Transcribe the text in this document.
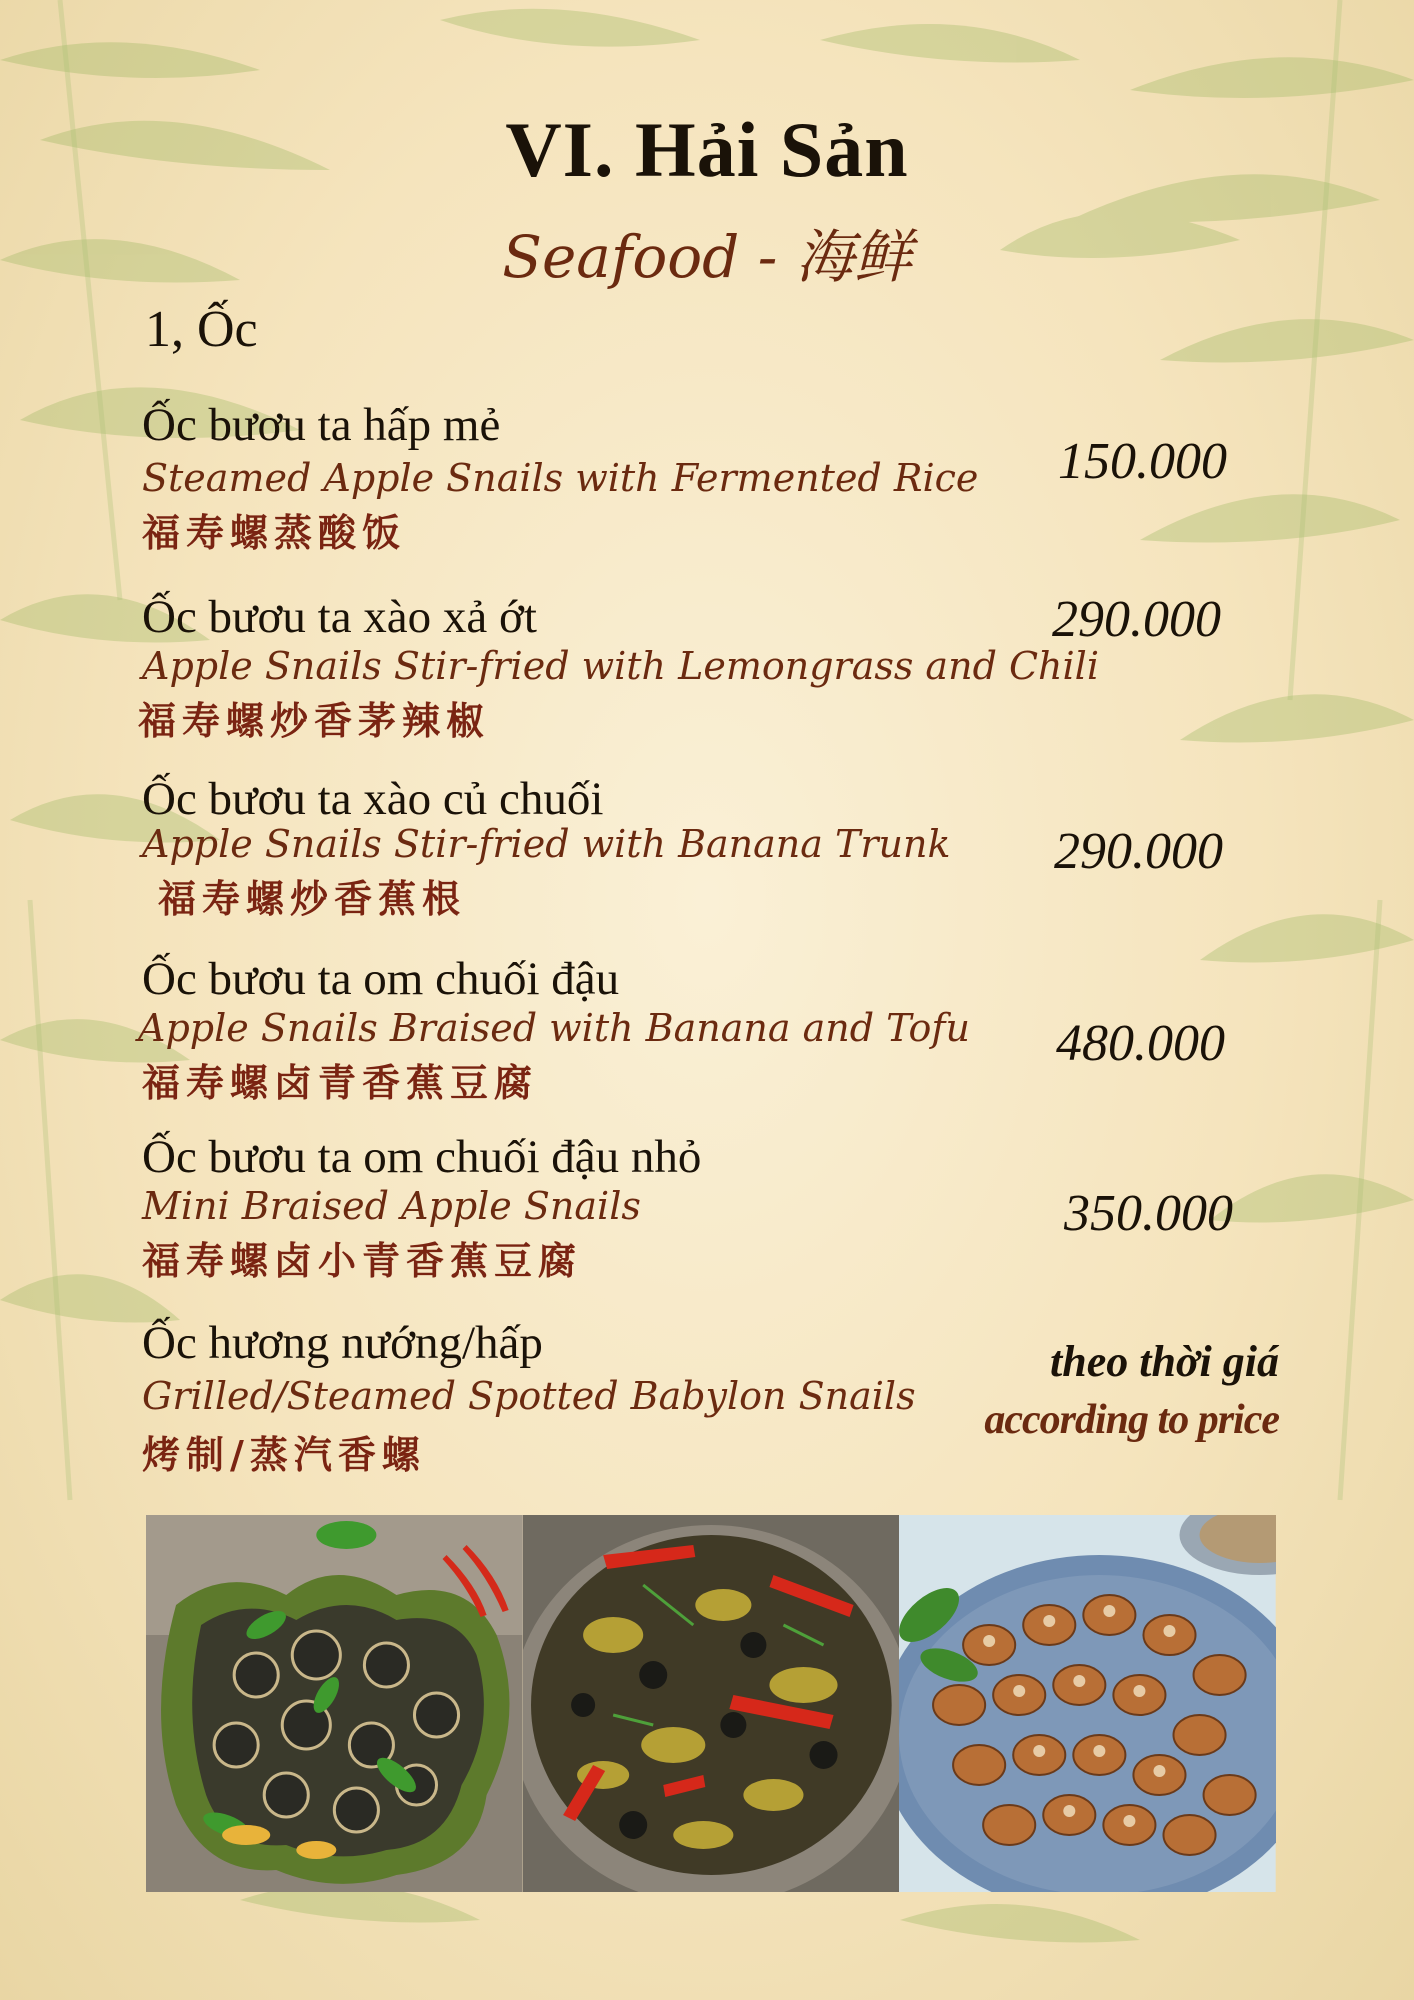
VI. Hải Sản
Seafood - 海鲜
1, Ốc
Ốc bươu ta hấp mẻ
Steamed Apple Snails with Fermented Rice
福寿螺蒸酸饭
150.000
Ốc bươu ta xào xả ớt
Apple Snails Stir-fried with Lemongrass and Chili
福寿螺炒香茅辣椒
290.000
Ốc bươu ta xào củ chuối
Apple Snails Stir-fried with Banana Trunk
福寿螺炒香蕉根
290.000
Ốc bươu ta om chuối đậu
Apple Snails Braised with Banana and Tofu
福寿螺卤青香蕉豆腐
480.000
Ốc bươu ta om chuối đậu nhỏ
Mini Braised Apple Snails
福寿螺卤小青香蕉豆腐
350.000
Ốc hương nướng/hấp
Grilled/Steamed Spotted Babylon Snails
烤制/蒸汽香螺
theo thời giá
according to price
